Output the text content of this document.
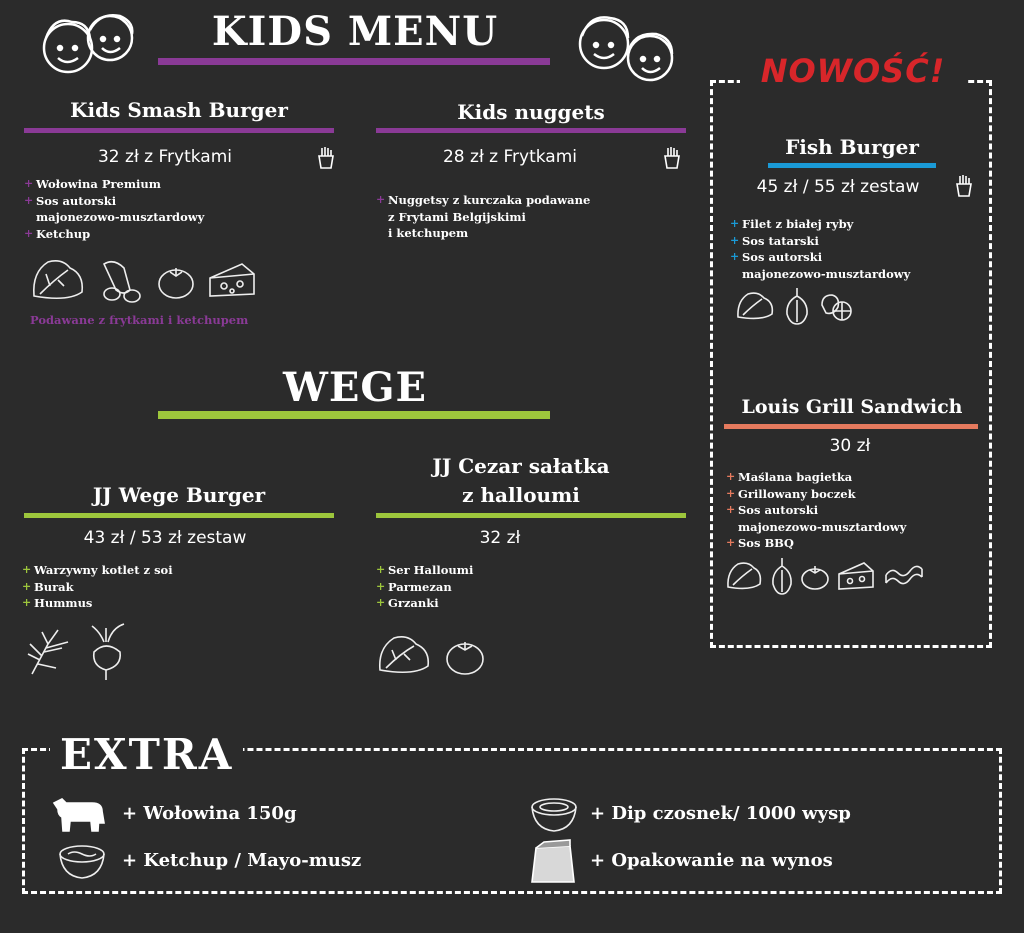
KIDS MENU
Kids Smash Burger
32 zł z Frytkami
+ Wołowina Premium
+ Sos autorski
majonezowo-musztardowy
+ Ketchup
Podawane z frytkami i ketchupem
Kids nuggets
28 zł z Frytkami
+ Nuggetsy z kurczaka podawane
z Frytami Belgijskimi
i ketchupem
WEGE
JJ Wege Burger
43 zł / 53 zł zestaw
+ Warzywny kotlet z soi
+ Burak
+ Hummus
JJ Cezar sałatka
z halloumi
32 zł
+ Ser Halloumi
+ Parmezan
+ Grzanki
NOWOŚĆ!
Fish Burger
45 zł / 55 zł zestaw
+ Filet z białej ryby
+ Sos tatarski
+ Sos autorski
majonezowo-musztardowy
Louis Grill Sandwich
30 zł
+ Maślana bagietka
+ Grillowany boczek
+ Sos autorski
majonezowo-musztardowy
+ Sos BBQ
EXTRA
+ Wołowina 150g
+ Ketchup / Mayo-musz
+ Dip czosnek/ 1000 wysp
+ Opakowanie na wynos
